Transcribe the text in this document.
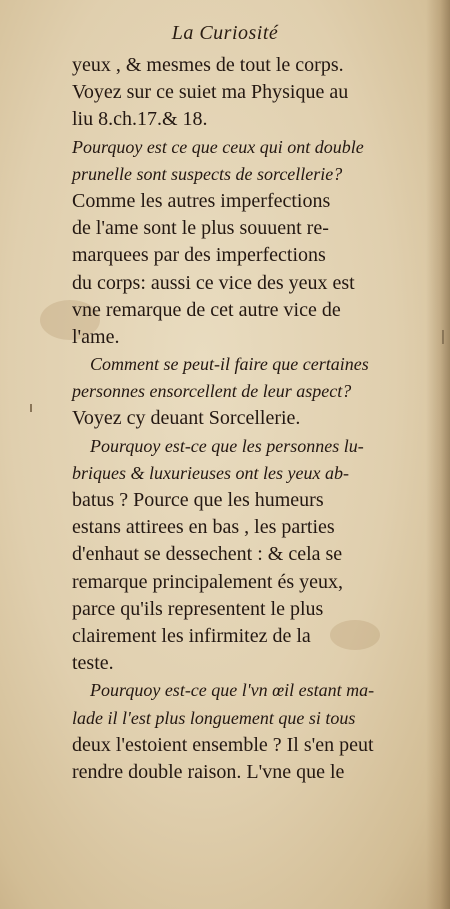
La Curiosité
yeux , & mesmes de tout le corps.
Voyez sur ce suiet ma Physique au
liu 8.ch.17.& 18.
Pourquoy est ce que ceux qui ont double
prunelle sont suspects de sorcellerie?
Comme les autres imperfections
de l'ame sont le plus souuent re-
marquees par des imperfections
du corps: aussi ce vice des yeux est
vne remarque de cet autre vice de
l'ame.
Comment se peut-il faire que certaines
personnes ensorcellent de leur aspect?
Voyez cy deuant Sorcellerie.
Pourquoy est-ce que les personnes lu-
briques & luxurieuses ont les yeux ab-
batus ? Pource que les humeurs
estans attirees en bas , les parties
d'enhaut se dessechent : & cela se
remarque principalement és yeux,
parce qu'ils representent le plus
clairement les infirmitez de la
teste.
Pourquoy est-ce que l'vn œil estant ma-
lade il l'est plus longuement que si tous
deux l'estoient ensemble ? Il s'en peut
rendre double raison. L'vne que le
